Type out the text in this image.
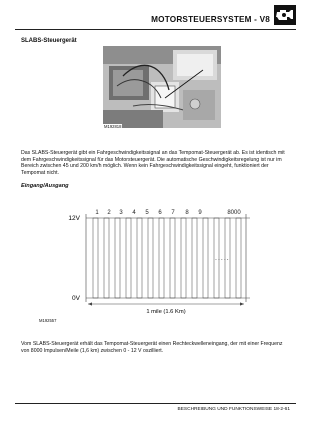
MOTORSTEUERSYSTEM - V8
SLABS-Steuergerät
M192818

Das SLABS-Steuergerät gibt ein Fahrgeschwindigkeitssignal an das Tempomat-Steuergerät ab. Es ist identisch mit dem Fahrgeschwindigkeitssignal für das Motorsteuergerät. Die automatische Geschwindigkeitsregelung ist nur im Bereich zwischen 45 und 200 km/h möglich. Wenn kein Fahrgeschwindigkeitssignal eingeht, funktioniert der Tempomat nicht.

Eingang/Ausgang
12V
0V
1 2 3 4 5 6 7 8 9	8000
.....
1 mile (1.6 Km)
M192557

Vom SLABS-Steuergerät erhält das Tempomat-Steuergerät einen Rechteckwelleneingang, der mit einer Frequenz von 8000 Impulsen/Meile (1,6 km) zwischen 0 - 12 V oszilliert.

BESCHREIBUNG UND FUNKTIONSWEISE 18-2-61
